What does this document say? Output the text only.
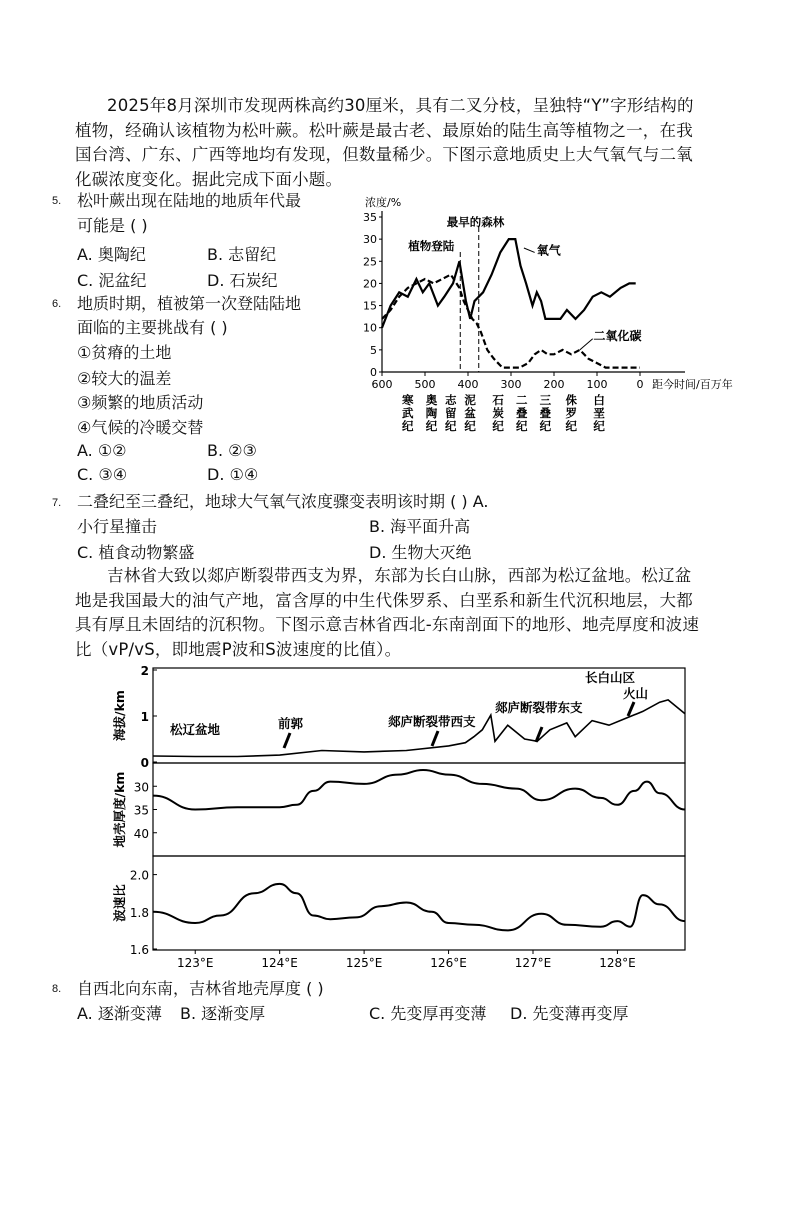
2025年8月深圳市发现两株高约30厘米，具有二叉分枝，呈独特“Y”字形结构的植物，经确认该植物为松叶蕨。松叶蕨是最古老、最原始的陆生高等植物之一，在我国台湾、广东、广西等地均有发现，但数量稀少。下图示意地质史上大气氧气与二氧化碳浓度变化。据此完成下面小题。
5. 松叶蕨出现在陆地的地质年代最
可能是 ( )
A. 奥陶纪	B. 志留纪
C. 泥盆纪	D. 石炭纪
6. 地质时期，植被第一次登陆陆地
面临的主要挑战有 ( )
①贫瘠的土地
②较大的温差
③频繁的地质活动
④气候的冷暖交替
A. ①②	B. ②③
C. ③④	D. ①④
0
5
10
15
20
25
30
35
600 500 400 300 200 100	0
浓度/%
距今时间/百万年
寒武纪
奥陶纪
志留纪
泥盆纪
石炭纪
二叠纪
三叠纪
侏罗纪
白垩纪
植物登陆
最早的森林
氧气
二氧化碳
7. 二叠纪至三叠纪，地球大气氧气浓度骤变表明该时期 ( ) A.
小行星撞击	B. 海平面升高
C. 植食动物繁盛	D. 生物大灭绝
吉林省大致以郯庐断裂带西支为界，东部为长白山脉，西部为松辽盆地。松辽盆地是我国最大的油气产地，富含厚的中生代侏罗系、白垩系和新生代沉积地层，大都具有厚且未固结的沉积物。下图示意吉林省西北-东南剖面下的地形、地壳厚度和波速比（vP/vS，即地震P波和S波速度的比值）。
海拔/km
地壳厚度/km
波速比
2
1
0
30
35
40
2.0
1.8
1.6
123°E	124°E	125°E	126°E	127°E	128°E
松辽盆地	前郭	郯庐断裂带西支
郯庐断裂带东支
长白山区
火山
8. 自西北向东南，吉林省地壳厚度 ( )
A. 逐渐变薄 B. 逐渐变厚	C. 先变厚再变薄 D. 先变薄再变厚
